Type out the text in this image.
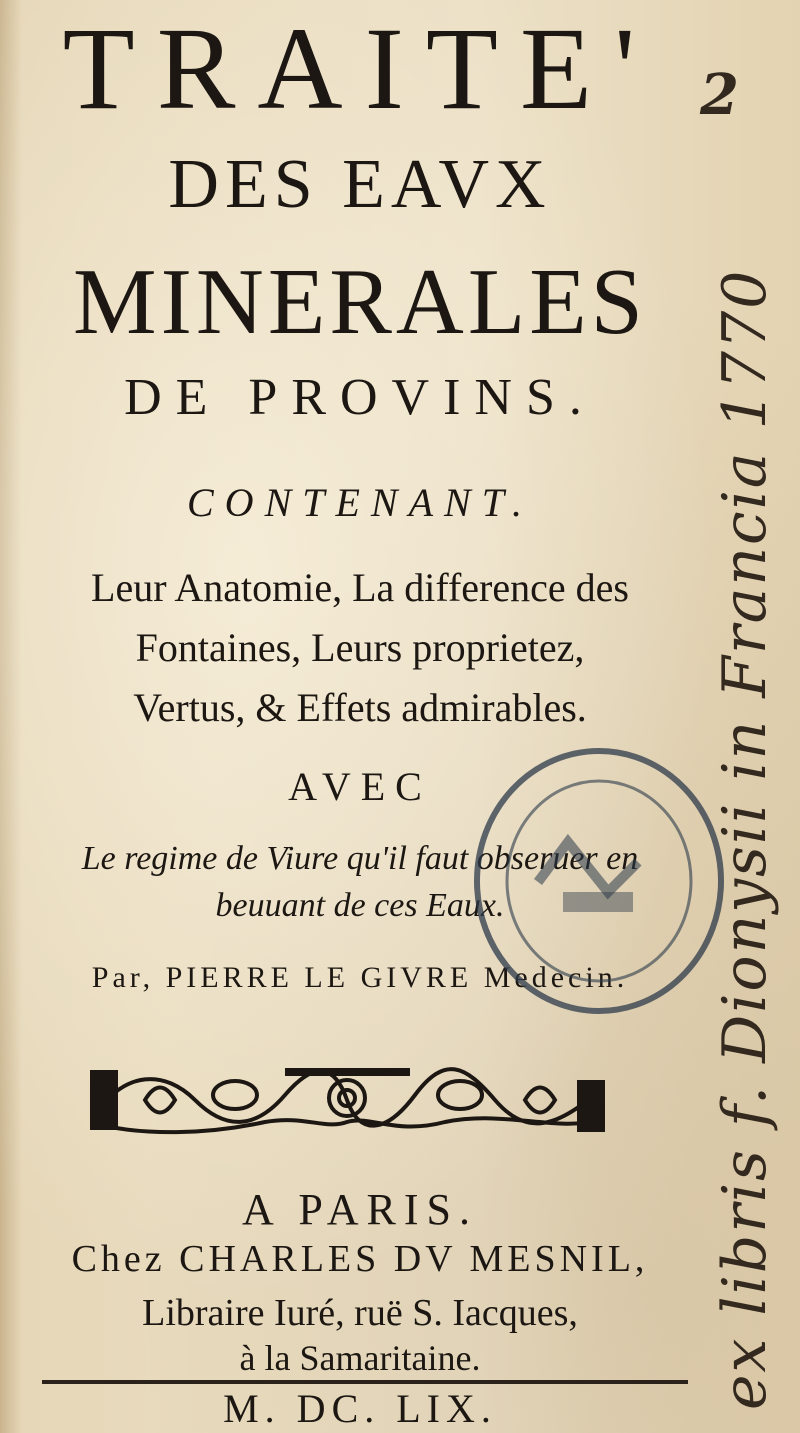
TRAITE'
DES EAVX
MINERALES
DE PROVINS.
CONTENANT.
Leur Anatomie, La difference des
Fontaines, Leurs proprietez,
Vertus, & Effets admirables.
AVEC
Le regime de Viure qu'il faut obseruer en
beuuant de ces Eaux.
Par, PIERRE LE GIVRE Medecin.
A PARIS.
Chez CHARLES DV MESNIL,
Libraire Iuré, ruë S. Iacques,
à la Samaritaine.
M. DC. LIX.
2
ex libris f. Dionysii in Francia 1770
